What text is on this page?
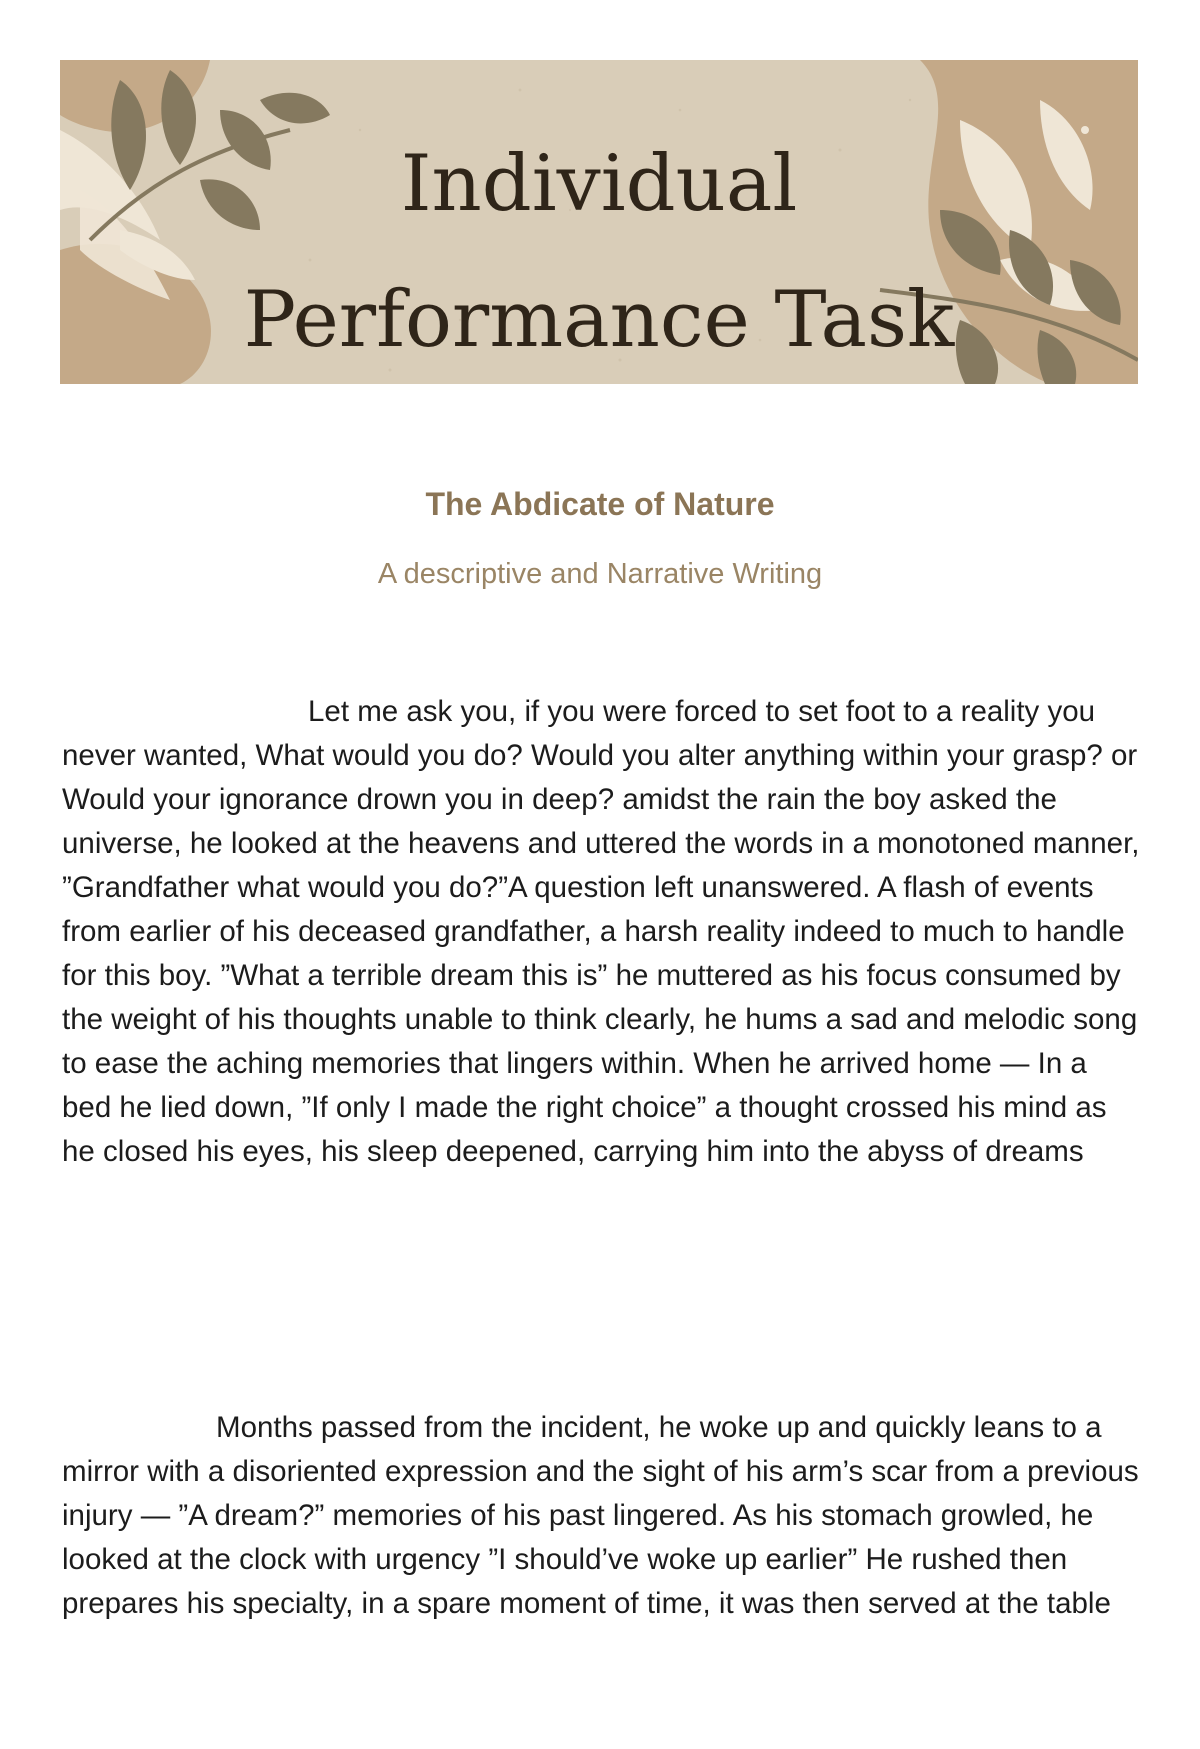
Individual
Performance Task
The Abdicate of Nature
A descriptive and Narrative Writing

Let me ask you, if you were forced to set foot to a reality you never wanted, What would you do? Would you alter anything within your grasp? or Would your ignorance drown you in deep? amidst the rain the boy asked the universe, he looked at the heavens and uttered the words in a monotoned manner, ”Grandfather what would you do?”A question left unanswered. A flash of events from earlier of his deceased grandfather, a harsh reality indeed to much to handle for this boy. ”What a terrible dream this is” he muttered as his focus consumed by the weight of his thoughts unable to think clearly, he hums a sad and melodic song to ease the aching memories that lingers within. When he arrived home — In a bed he lied down, ”If only I made the right choice” a thought crossed his mind as he closed his eyes, his sleep deepened, carrying him into the abyss of dreams

Months passed from the incident, he woke up and quickly leans to a mirror with a disoriented expression and the sight of his arm’s scar from a previous injury — ”A dream?” memories of his past lingered. As his stomach growled, he looked at the clock with urgency ”I should’ve woke up earlier” He rushed then prepares his specialty, in a spare moment of time, it was then served at the table
